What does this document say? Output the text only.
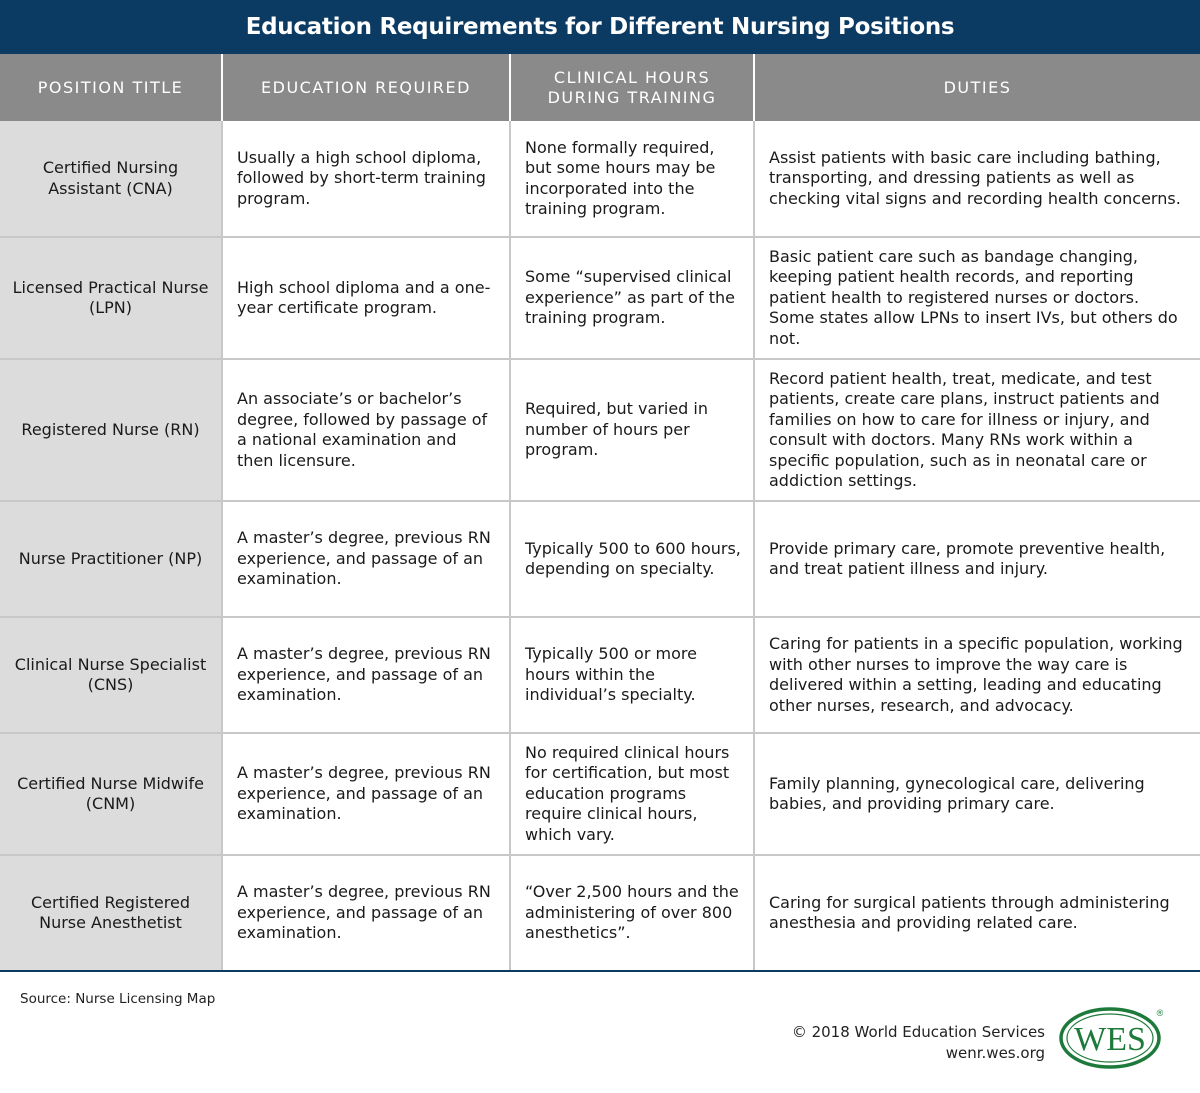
Education Requirements for Different Nursing Positions
POSITION TITLE	EDUCATION REQUIRED	CLINICAL HOURS DURING TRAINING	DUTIES
Certified Nursing Assistant (CNA)	Usually a high school diploma, followed by short-term training program.	None formally required, but some hours may be incorporated into the training program.	Assist patients with basic care including bathing, transporting, and dressing patients as well as checking vital signs and recording health concerns.
Licensed Practical Nurse (LPN)	High school diploma and a one-year certificate program.	Some “supervised clinical experience” as part of the training program.	Basic patient care such as bandage changing, keeping patient health records, and reporting patient health to registered nurses or doctors. Some states allow LPNs to insert IVs, but others do not.
Registered Nurse (RN)	An associate’s or bachelor’s degree, followed by passage of a national examination and then licensure.	Required, but varied in number of hours per program.	Record patient health, treat, medicate, and test patients, create care plans, instruct patients and families on how to care for illness or injury, and consult with doctors. Many RNs work within a specific population, such as in neonatal care or addiction settings.
Nurse Practitioner (NP)	A master’s degree, previous RN experience, and passage of an examination.	Typically 500 to 600 hours, depending on specialty.	Provide primary care, promote preventive health, and treat patient illness and injury.
Clinical Nurse Specialist (CNS)	A master’s degree, previous RN experience, and passage of an examination.	Typically 500 or more hours within the individual’s specialty.	Caring for patients in a specific population, working with other nurses to improve the way care is delivered within a setting, leading and educating other nurses, research, and advocacy.
Certified Nurse Midwife (CNM)	A master’s degree, previous RN experience, and passage of an examination.	No required clinical hours for certification, but most education programs require clinical hours, which vary.	Family planning, gynecological care, delivering babies, and providing primary care.
Certified Registered Nurse Anesthetist	A master’s degree, previous RN experience, and passage of an examination.	“Over 2,500 hours and the administering of over 800 anesthetics”.	Caring for surgical patients through administering anesthesia and providing related care.
Source: Nurse Licensing Map
© 2018 World Education Services
wenr.wes.org WES
®
